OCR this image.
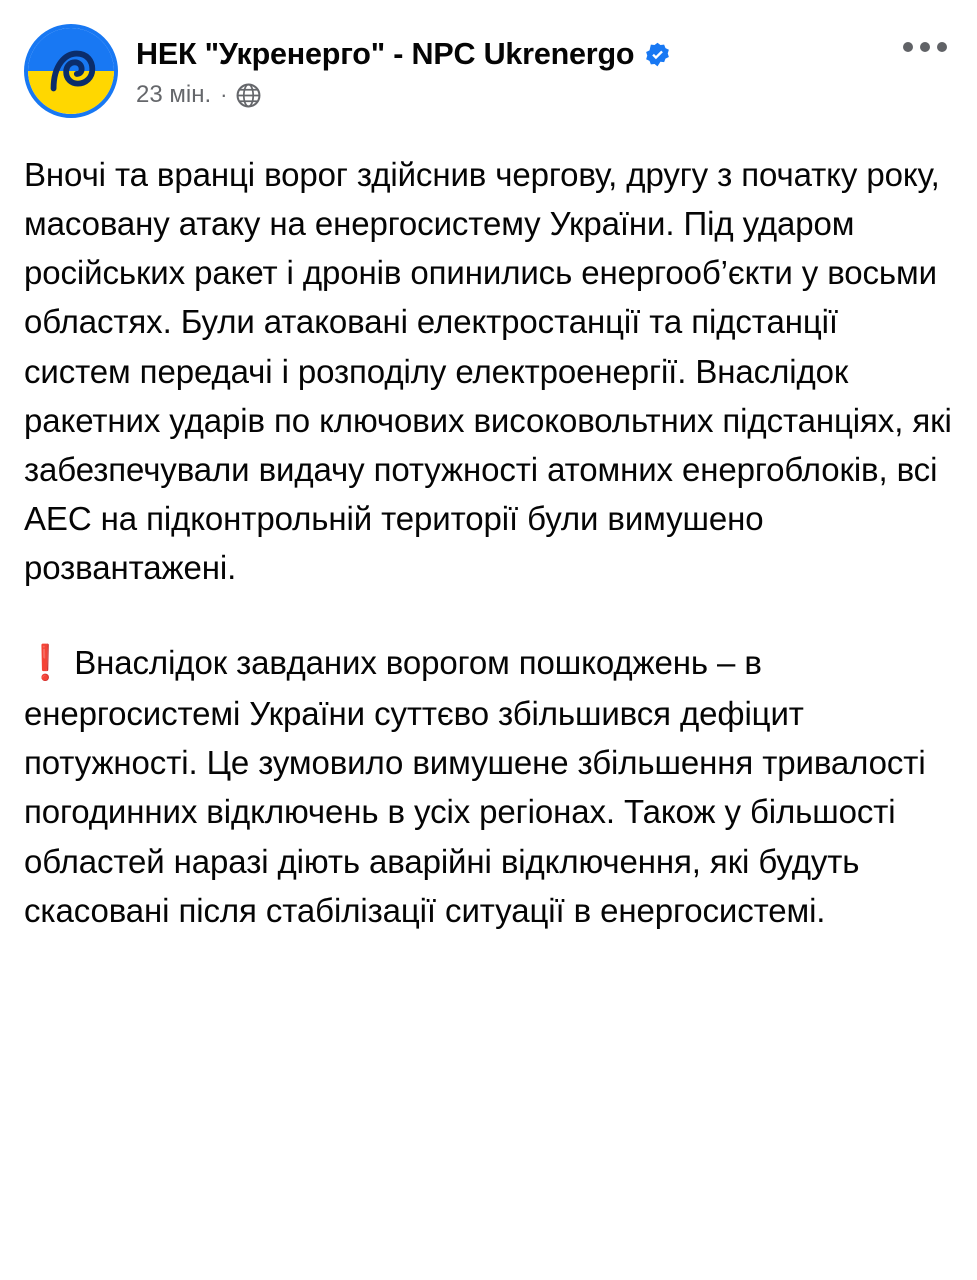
НЕК "Укренерго" - NPC Ukrenergo
23 мін. ·

Вночі та вранці ворог здійснив чергову, другу з початку року, масовану атаку на енергосистему України. Під ударом російських ракет і дронів опинились енергооб’єкти у восьми областях. Були атаковані електростанції та підстанції систем передачі і розподілу електроенергії. Внаслідок ракетних ударів по ключових високовольтних підстанціях, які забезпечували видачу потужності атомних енергоблоків, всі АЕС на підконтрольній території були вимушено розвантажені.

❗ Внаслідок завданих ворогом пошкоджень – в енергосистемі України суттєво збільшився дефіцит потужності. Це зумовило вимушене збільшення тривалості погодинних відключень в усіх регіонах. Також у більшості областей наразі діють аварійні відключення, які будуть скасовані після стабілізації ситуації в енергосистемі.
